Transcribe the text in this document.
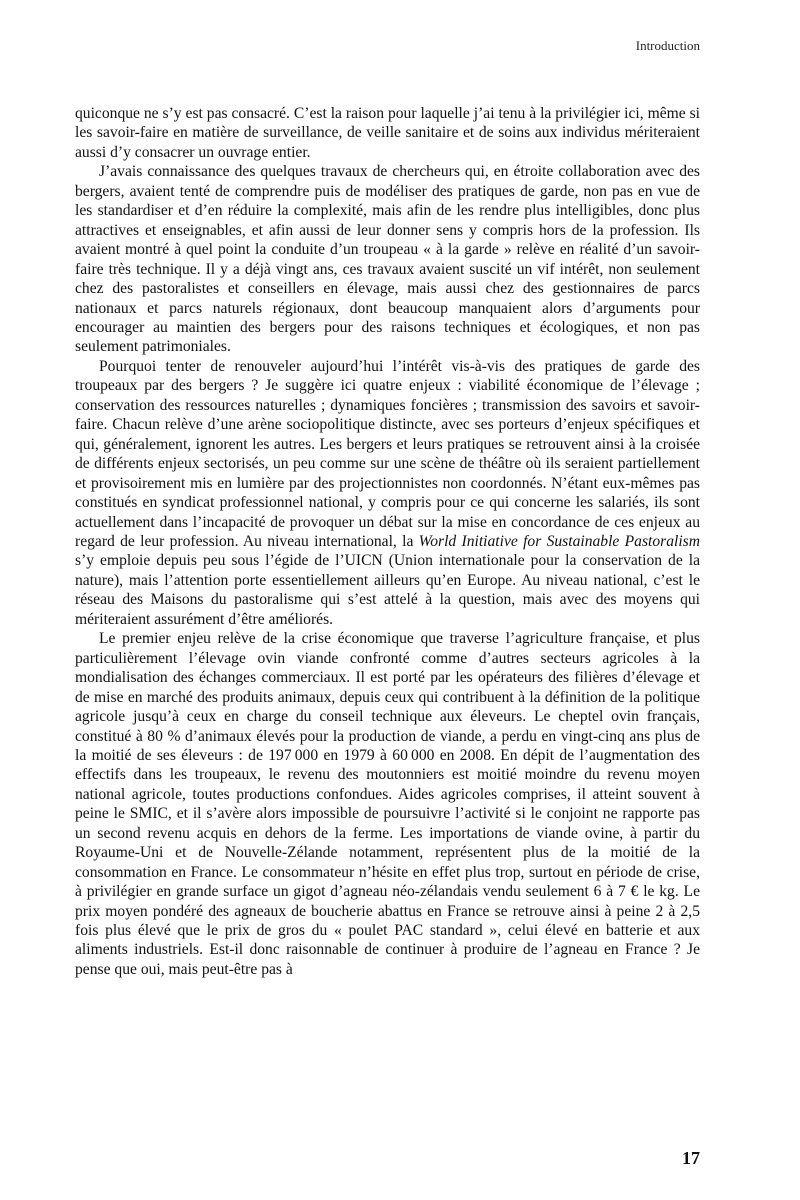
Introduction

quiconque ne s’y est pas consacré. C’est la raison pour laquelle j’ai tenu à la privilégier ici, même si les savoir-faire en matière de surveillance, de veille sanitaire et de soins aux individus mériteraient aussi d’y consacrer un ouvrage entier.

J’avais connaissance des quelques travaux de chercheurs qui, en étroite collaboration avec des bergers, avaient tenté de comprendre puis de modéliser des pratiques de garde, non pas en vue de les standardiser et d’en réduire la complexité, mais afin de les rendre plus intelligibles, donc plus attractives et enseignables, et afin aussi de leur donner sens y compris hors de la profession. Ils avaient montré à quel point la conduite d’un troupeau « à la garde » relève en réalité d’un savoir-faire très technique. Il y a déjà vingt ans, ces travaux avaient suscité un vif intérêt, non seulement chez des pastoralistes et conseillers en élevage, mais aussi chez des gestionnaires de parcs nationaux et parcs naturels régionaux, dont beaucoup manquaient alors d’arguments pour encourager au maintien des bergers pour des raisons techniques et écologiques, et non pas seulement patrimoniales.

Pourquoi tenter de renouveler aujourd’hui l’intérêt vis-à-vis des pratiques de garde des troupeaux par des bergers ? Je suggère ici quatre enjeux : viabilité économique de l’élevage ; conservation des ressources naturelles ; dynamiques foncières ; transmission des savoirs et savoir-faire. Chacun relève d’une arène sociopolitique distincte, avec ses porteurs d’enjeux spécifiques et qui, généralement, ignorent les autres. Les bergers et leurs pratiques se retrouvent ainsi à la croisée de différents enjeux sectorisés, un peu comme sur une scène de théâtre où ils seraient partiellement et provisoirement mis en lumière par des projectionnistes non coordonnés. N’étant eux-mêmes pas constitués en syndicat professionnel national, y compris pour ce qui concerne les salariés, ils sont actuellement dans l’incapacité de provoquer un débat sur la mise en concordance de ces enjeux au regard de leur profession. Au niveau international, la World Initiative for Sustainable Pastoralism s’y emploie depuis peu sous l’égide de l’UICN (Union internationale pour la conservation de la nature), mais l’attention porte essentiellement ailleurs qu’en Europe. Au niveau national, c’est le réseau des Maisons du pastoralisme qui s’est attelé à la question, mais avec des moyens qui mériteraient assurément d’être améliorés.

Le premier enjeu relève de la crise économique que traverse l’agriculture française, et plus particulièrement l’élevage ovin viande confronté comme d’autres secteurs agricoles à la mondialisation des échanges commerciaux. Il est porté par les opérateurs des filières d’élevage et de mise en marché des produits animaux, depuis ceux qui contribuent à la définition de la politique agricole jusqu’à ceux en charge du conseil technique aux éleveurs. Le cheptel ovin français, constitué à 80 % d’animaux élevés pour la production de viande, a perdu en vingt-cinq ans plus de la moitié de ses éleveurs : de 197 000 en 1979 à 60 000 en 2008. En dépit de l’augmentation des effectifs dans les troupeaux, le revenu des moutonniers est moitié moindre du revenu moyen national agricole, toutes productions confondues. Aides agricoles comprises, il atteint souvent à peine le SMIC, et il s’avère alors impossible de poursuivre l’activité si le conjoint ne rapporte pas un second revenu acquis en dehors de la ferme. Les importations de viande ovine, à partir du Royaume-Uni et de Nouvelle-Zélande notamment, représentent plus de la moitié de la consommation en France. Le consommateur n’hésite en effet plus trop, surtout en période de crise, à privilégier en grande surface un gigot d’agneau néo-zélandais vendu seulement 6 à 7 € le kg. Le prix moyen pondéré des agneaux de boucherie abattus en France se retrouve ainsi à peine 2 à 2,5 fois plus élevé que le prix de gros du « poulet PAC standard », celui élevé en batterie et aux aliments industriels. Est-il donc raisonnable de continuer à produire de l’agneau en France ? Je pense que oui, mais peut-être pas à

17
